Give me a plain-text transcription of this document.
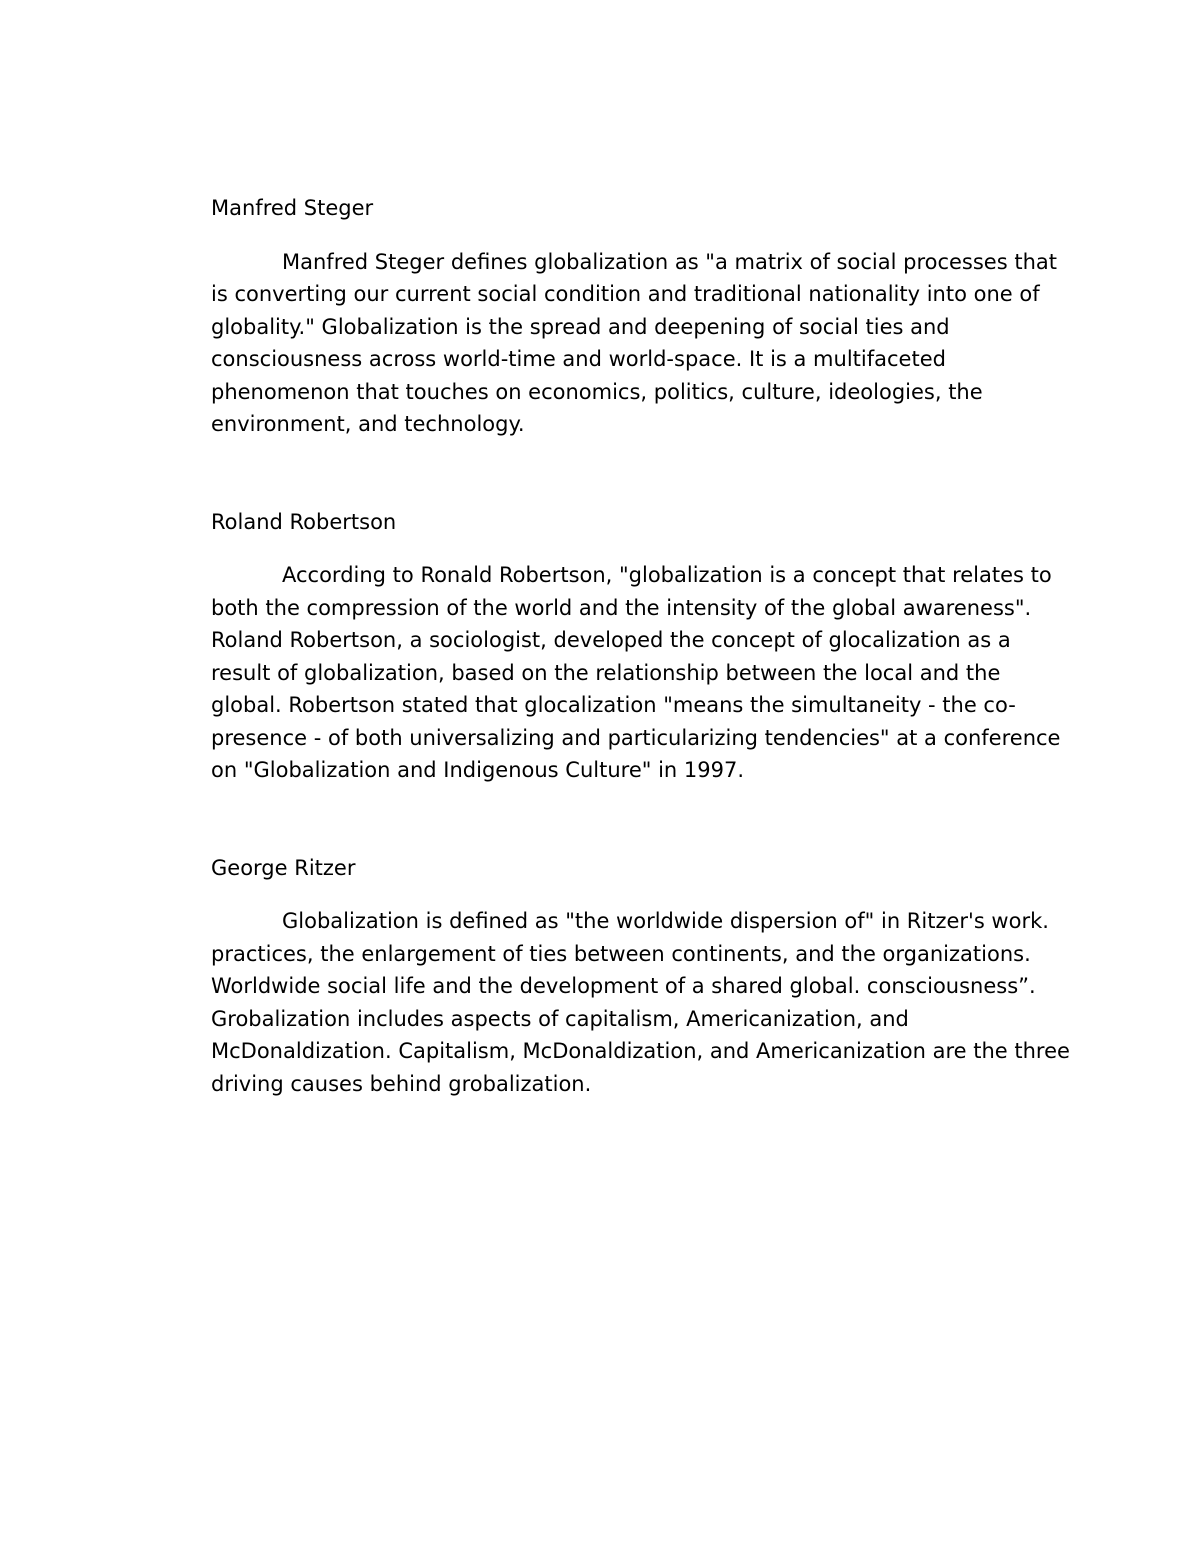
Manfred Steger

Manfred Steger defines globalization as "a matrix of social processes that
is converting our current social condition and traditional nationality into one of
globality." Globalization is the spread and deepening of social ties and
consciousness across world-time and world-space. It is a multifaceted
phenomenon that touches on economics, politics, culture, ideologies, the
environment, and technology.

Roland Robertson

According to Ronald Robertson, "globalization is a concept that relates to
both the compression of the world and the intensity of the global awareness".
Roland Robertson, a sociologist, developed the concept of glocalization as a
result of globalization, based on the relationship between the local and the
global. Robertson stated that glocalization "means the simultaneity - the co-
presence - of both universalizing and particularizing tendencies" at a conference
on "Globalization and Indigenous Culture" in 1997.

George Ritzer

Globalization is defined as "the worldwide dispersion of" in Ritzer's work.
practices, the enlargement of ties between continents, and the organizations.
Worldwide social life and the development of a shared global. consciousness”.
Grobalization includes aspects of capitalism, Americanization, and
McDonaldization. Capitalism, McDonaldization, and Americanization are the three
driving causes behind grobalization.
